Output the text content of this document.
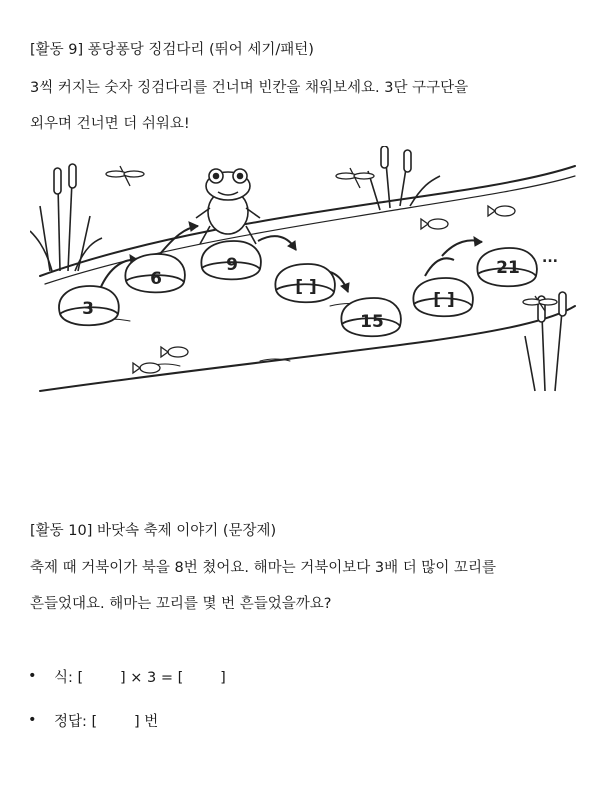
[활동 9] 퐁당퐁당 징검다리 (뛰어 세기/패턴)
3씩 커지는 숫자 징검다리를 건너며 빈칸을 채워보세요. 3단 구구단을
외우며 건너면 더 쉬워요!
3
6
9
[ ]
15
[ ]
21 ...
[활동 10] 바닷속 축제 이야기 (문장제)
축제 때 거북이가 북을 8번 쳤어요. 해마는 거북이보다 3배 더 많이 꼬리를
흔들었대요. 해마는 꼬리를 몇 번 흔들었을까요?
• 식: [        ] × 3 = [        ]
• 정답: [        ] 번
